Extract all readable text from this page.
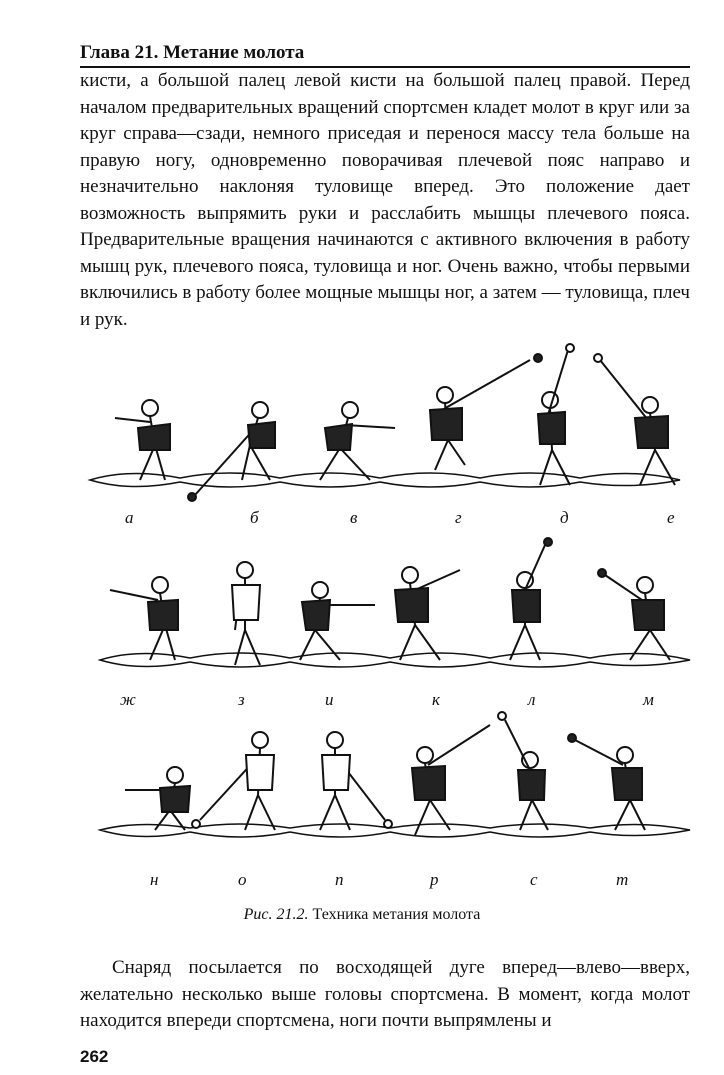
Глава 21. Метание молота

кисти, а большой палец левой кисти на большой палец правой. Перед началом предварительных вращений спортсмен кладет молот в круг или за круг справа—сзади, немного приседая и перенося массу тела больше на правую ногу, одновременно поворачивая плечевой пояс направо и незначительно наклоняя туловище вперед. Это положение дает возможность выпрямить руки и расслабить мышцы плечевого пояса. Предварительные вращения начинаются с активного включения в работу мышц рук, плечевого пояса, туловища и ног. Очень важно, чтобы первыми включились в работу более мощные мышцы ног, а затем — туловища, плеч и рук.

а	б	в	г	д	е
ж	з	и	к	л	м
н	о	п	р	с	т
Рис. 21.2. Техника метания молота

Снаряд посылается по восходящей дуге вперед—влево—вверх, желательно несколько выше головы спортсмена. В момент, когда молот находится впереди спортсмена, ноги почти выпрямлены и

262
